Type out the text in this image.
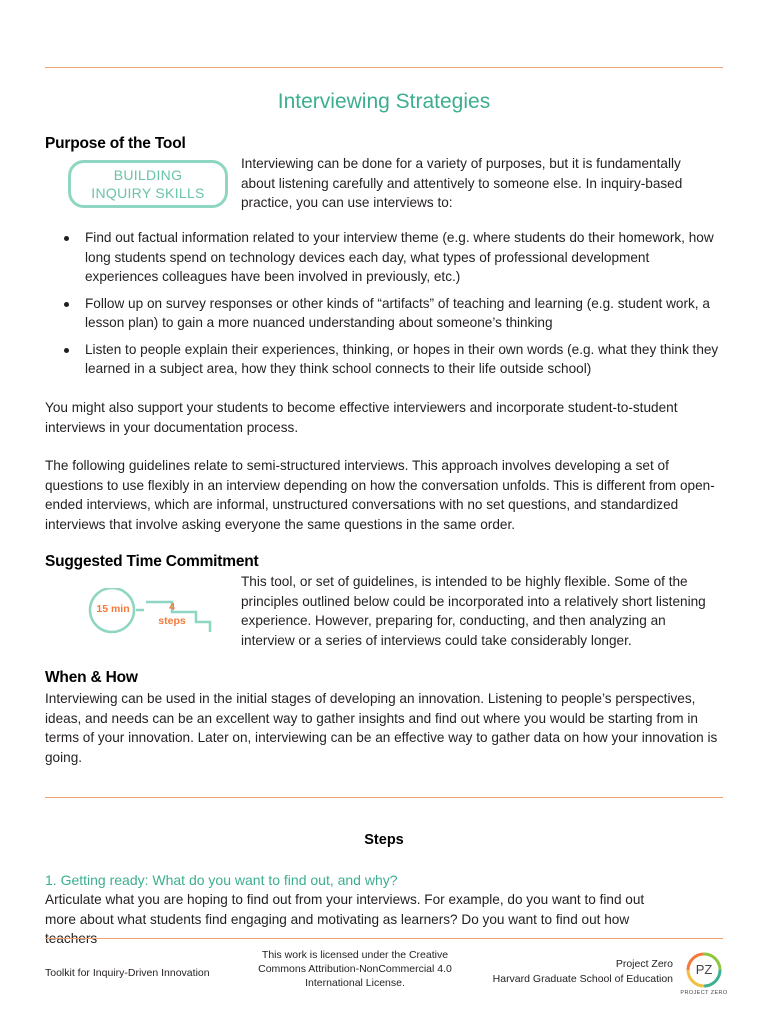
Interviewing Strategies
Purpose of the Tool
BUILDING
INQUIRY SKILLS

Interviewing can be done for a variety of purposes, but it is fundamentally about listening carefully and attentively to someone else. In inquiry-based practice, you can use interviews to:

Find out factual information related to your interview theme (e.g. where students do their homework, how long students spend on technology devices each day, what types of professional development experiences colleagues have been involved in previously, etc.)
Follow up on survey responses or other kinds of “artifacts” of teaching and learning (e.g. student work, a lesson plan) to gain a more nuanced understanding about someone’s thinking
Listen to people explain their experiences, thinking, or hopes in their own words (e.g. what they think they learned in a subject area, how they think school connects to their life outside school)

You might also support your students to become effective interviewers and incorporate student-to-student interviews in your documentation process.

The following guidelines relate to semi-structured interviews. This approach involves developing a set of questions to use flexibly in an interview depending on how the conversation unfolds. This is different from open-ended interviews, which are informal, unstructured conversations with no set questions, and standardized interviews that involve asking everyone the same questions in the same order.

Suggested Time Commitment
15 min	4
steps

This tool, or set of guidelines, is intended to be highly flexible. Some of the principles outlined below could be incorporated into a relatively short listening experience. However, preparing for, conducting, and then analyzing an interview or a series of interviews could take considerably longer.

When & How

Interviewing can be used in the initial stages of developing an innovation. Listening to people’s perspectives, ideas, and needs can be an excellent way to gather insights and find out where you would be starting from in terms of your innovation. Later on, interviewing can be an effective way to gather data on how your innovation is going.

Steps
1. Getting ready: What do you want to find out, and why?

Articulate what you are hoping to find out from your interviews. For example, do you want to find out more about what students find engaging and motivating as learners? Do you want to find out how teachers

Toolkit for Inquiry-Driven Innovation
This work is licensed under the Creative
Commons Attribution-NonCommercial 4.0
International License.
Project Zero
Harvard Graduate School of Education
PZ
PROJECT ZERO
